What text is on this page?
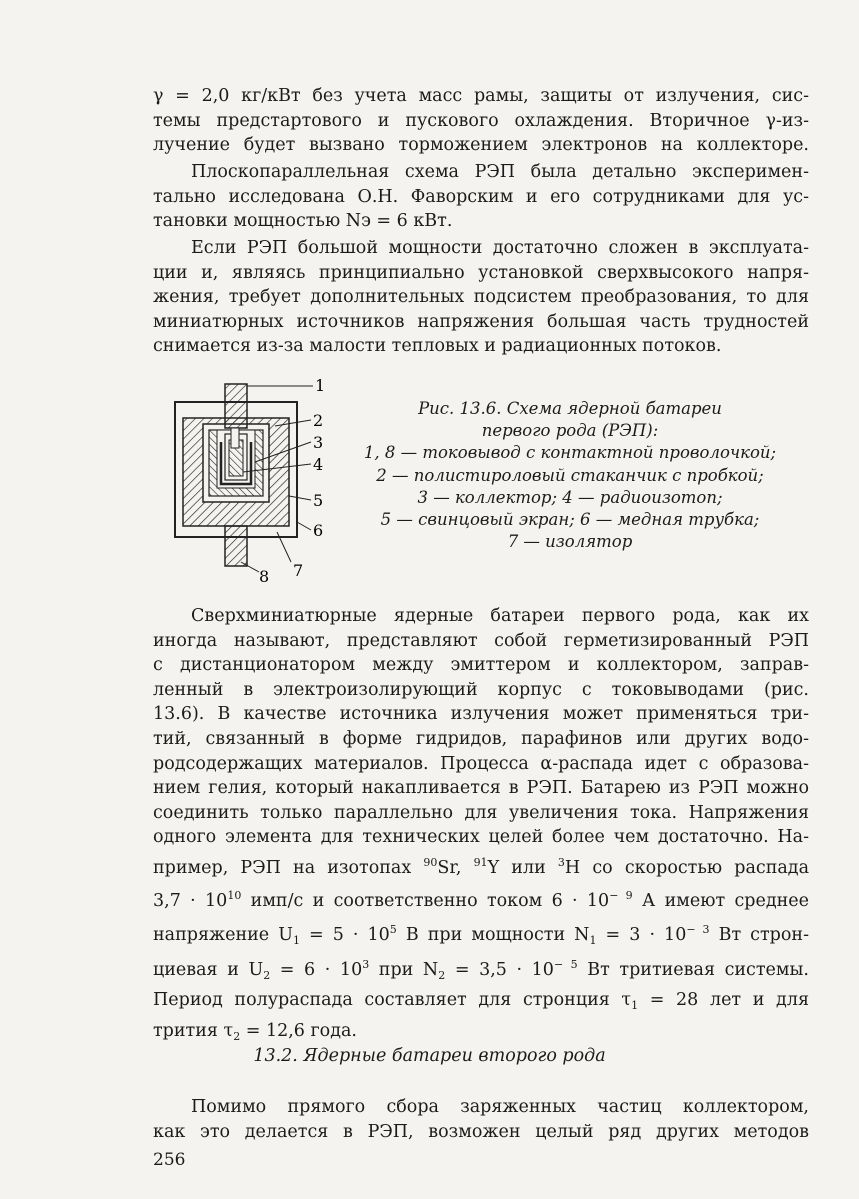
γ = 2,0 кг/кВт без учета масс рамы, защиты от излучения, сис-
темы предстартового и пускового охлаждения. Вторичное γ-из-
лучение будет вызвано торможением электронов на коллекторе.
Плоскопараллельная схема РЭП была детально эксперимен-
тально исследована О.Н. Фаворским и его сотрудниками для ус-
тановки мощностью Nэ = 6 кВт.
Если РЭП большой мощности достаточно сложен в эксплуата-
ции и, являясь принципиально установкой сверхвысокого напря-
жения, требует дополнительных подсистем преобразования, то для
миниатюрных источников напряжения большая часть трудностей
снимается из-за малости тепловых и радиационных потоков.
1
2
3
4
5
6
7
8
Рис. 13.6. Схема ядерной батареи
первого рода (РЭП):
1, 8 — токовывод с контактной проволочкой;
2 — полистироловый стаканчик с пробкой;
3 — коллектор; 4 — радиоизотоп;
5 — свинцовый экран; 6 — медная трубка;
7 — изолятор
Сверхминиатюрные ядерные батареи первого рода, как их
иногда называют, представляют собой герметизированный РЭП
с дистанционатором между эмиттером и коллектором, заправ-
ленный в электроизолирующий корпус с токовыводами (рис.
13.6). В качестве источника излучения может применяться три-
тий, связанный в форме гидридов, парафинов или других водо-
родсодержащих материалов. Процесса α-распада идет с образова-
нием гелия, который накапливается в РЭП. Батарею из РЭП можно
соединить только параллельно для увеличения тока. Напряжения
одного элемента для технических целей более чем достаточно. На-
пример, РЭП на изотопах $^{90}$Sr, $^{91}$Y или $^3$H со скоростью распада
$3,7 \cdot 10^{10}$ имп/с и соответственно током $6 \cdot 10^{- 9}$ А имеют среднее
напряжение $U_1 = 5 \cdot 10^5$ В при мощности $N_1 = 3 \cdot 10^{- 3}$ Вт строн-
циевая и $U_2 = 6 \cdot 10^3$ при $N_2 = 3,5 \cdot 10^{- 5}$ Вт тритиевая системы.
Период полураспада составляет для стронция $\tau_1 = 28$ лет и для
трития $\tau_2 = 12,6$ года.
13.2. Ядерные батареи второго рода
Помимо прямого сбора заряженных частиц коллектором,
как это делается в РЭП, возможен целый ряд других методов
256
